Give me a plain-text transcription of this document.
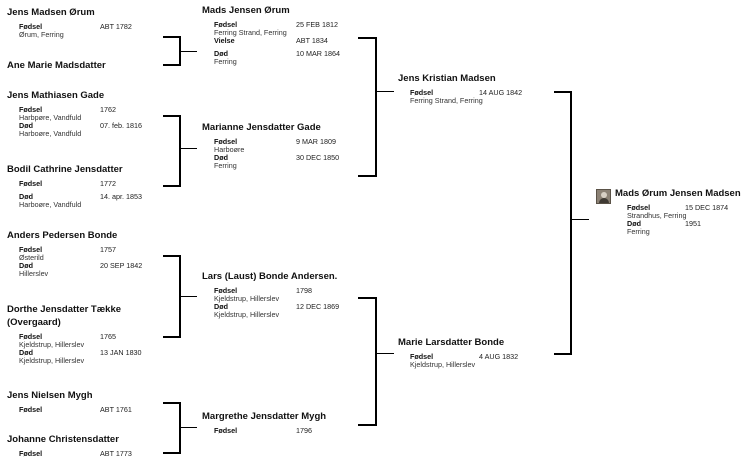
Jens Madsen Ørum
Fødsel	ABT 1782
Ørum, Ferring
Ane Marie Madsdatter
Jens Mathiasen Gade
Fødsel	1762
Harbpøre, Vandfuld
Død	07. feb. 1816
Harboøre, Vandfuld
Bodil Cathrine Jensdatter
Fødsel	1772
Død	14. apr. 1853
Harboøre, Vandfuld
Anders Pedersen Bonde
Fødsel	1757
Østerild
Død	20 SEP 1842
Hillerslev
Dorthe Jensdatter Tække (Overgaard)
Fødsel	1765
Kjeldstrup, Hillerslev
Død	13 JAN 1830
Kjeldstrup, Hillerslev
Jens Nielsen Mygh
Fødsel	ABT 1761
Johanne Christensdatter
Fødsel	ABT 1773
Mads Jensen Ørum
Fødsel	25 FEB 1812
Ferring Strand, Ferring
Vielse	ABT 1834
Død	10 MAR 1864
Ferring
Marianne Jensdatter Gade
Fødsel	9 MAR 1809
Harboøre
Død	30 DEC 1850
Ferring
Lars (Laust) Bonde Andersen.
Fødsel	1798
Kjeldstrup, Hillerslev
Død	12 DEC 1869
Kjeldstrup, Hillerslev
Margrethe Jensdatter Mygh
Fødsel	1796
Jens Kristian Madsen
Fødsel	14 AUG 1842
Ferring Strand, Ferring
Marie Larsdatter Bonde
Fødsel	4 AUG 1832
Kjeldstrup, Hillerslev
Mads Ørum Jensen Madsen
Fødsel	15 DEC 1874
Strandhus, Ferring
Død	1951
Ferring
